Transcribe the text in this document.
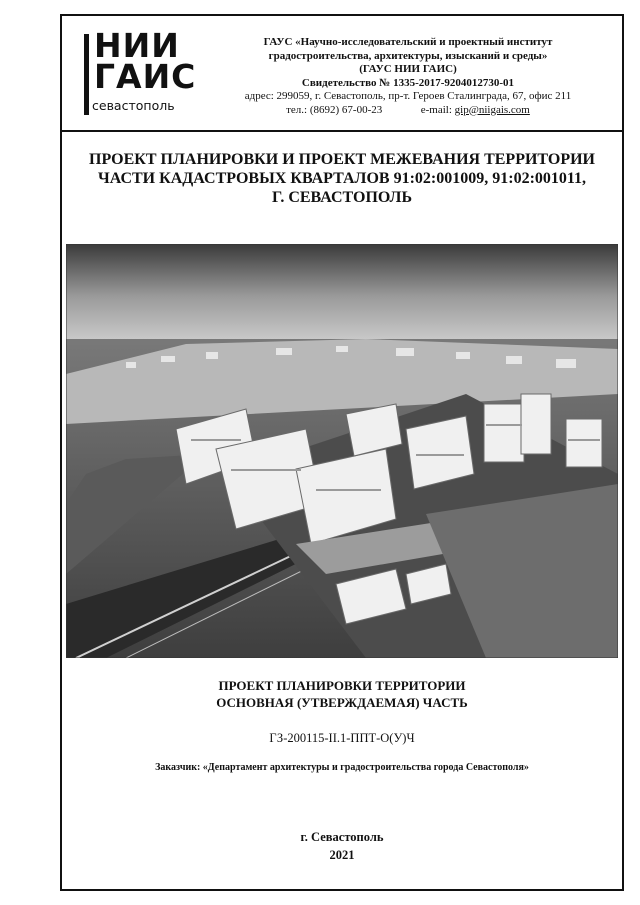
НИИ
ГАИС
севастополь
ГАУС «Научно-исследовательский и проектный институт
градостроительства, архитектуры, изысканий и среды»
(ГАУС НИИ ГАИС)
Свидетельство № 1335-2017-9204012730-01
адрес: 299059, г. Севастополь, пр-т. Героев Сталинграда, 67, офис 211
тел.: (8692) 67-00-23	e-mail: gip@niigais.com
ПРОЕКТ ПЛАНИРОВКИ И ПРОЕКТ МЕЖЕВАНИЯ ТЕРРИТОРИИ
ЧАСТИ КАДАСТРОВЫХ КВАРТАЛОВ 91:02:001009, 91:02:001011,
Г. СЕВАСТОПОЛЬ
ПРОЕКТ ПЛАНИРОВКИ ТЕРРИТОРИИ
ОСНОВНАЯ (УТВЕРЖДАЕМАЯ) ЧАСТЬ
ГЗ-200115-II.1-ППТ-О(У)Ч
Заказчик: «Департамент архитектуры и градостроительства города Севастополя»
г. Севастополь
2021
